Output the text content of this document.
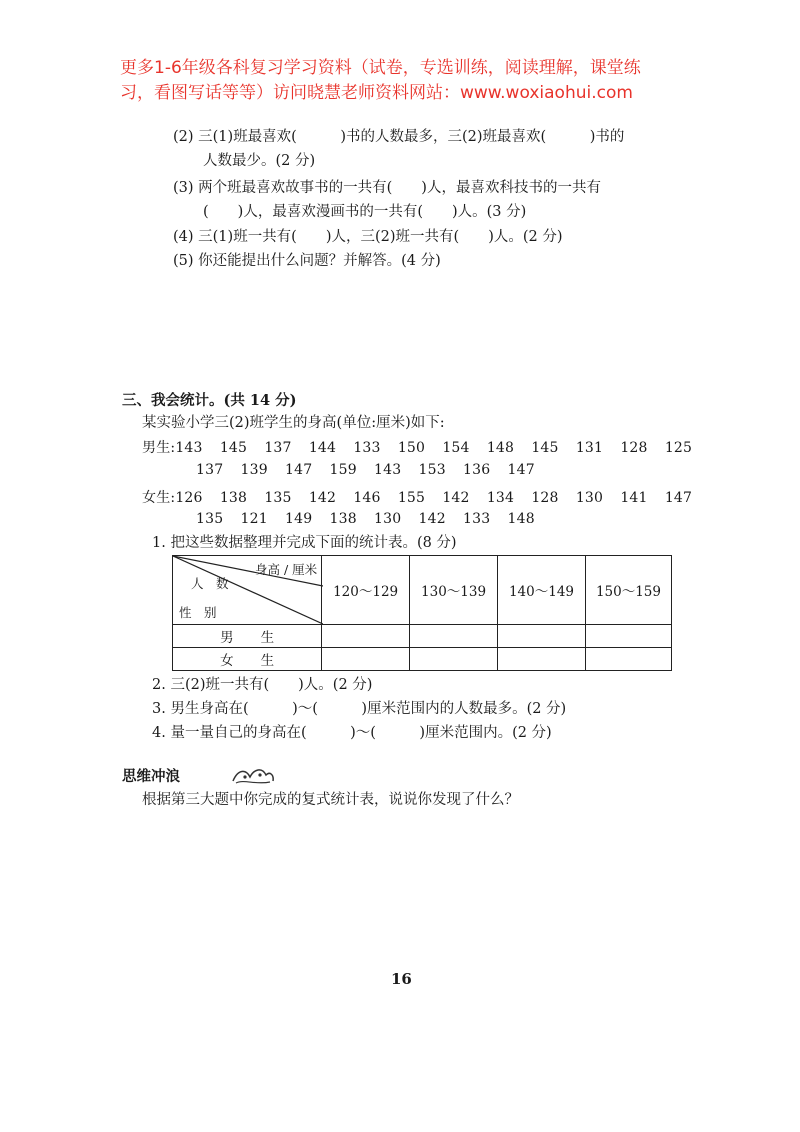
更多1-6年级各科复习学习资料（试卷，专选训练，阅读理解，课堂练
习，看图写话等等）访问晓慧老师资料网站：www.woxiaohui.com
(2) 三(1)班最喜欢(　　　)书的人数最多，三(2)班最喜欢(　　　)书的
人数最少。(2 分)
(3) 两个班最喜欢故事书的一共有(　　)人，最喜欢科技书的一共有
(　　)人，最喜欢漫画书的一共有(　　)人。(3 分)
(4) 三(1)班一共有(　　)人，三(2)班一共有(　　)人。(2 分)
(5) 你还能提出什么问题？并解答。(4 分)
三、我会统计。(共 14 分)
某实验小学三(2)班学生的身高(单位:厘米)如下:
男生:143 145 137 144 133 150 154 148 145 131 128 125
137 139 147 159 143 153 136 147
女生:126 138 135 142 146 155 142 134 128 130 141 147
135 121 149 138 130 142 133 148
1. 把这些数据整理并完成下面的统计表。(8 分)
身高 / 厘米
人　数
性　别	120～129	130～139	140～149	150～159
男　　生				
女　　生				
2. 三(2)班一共有(　　)人。(2 分)
3. 男生身高在(　　　)～(　　　)厘米范围内的人数最多。(2 分)
4. 量一量自己的身高在(　　　)～(　　　)厘米范围内。(2 分)
思维冲浪
根据第三大题中你完成的复式统计表，说说你发现了什么？
16
